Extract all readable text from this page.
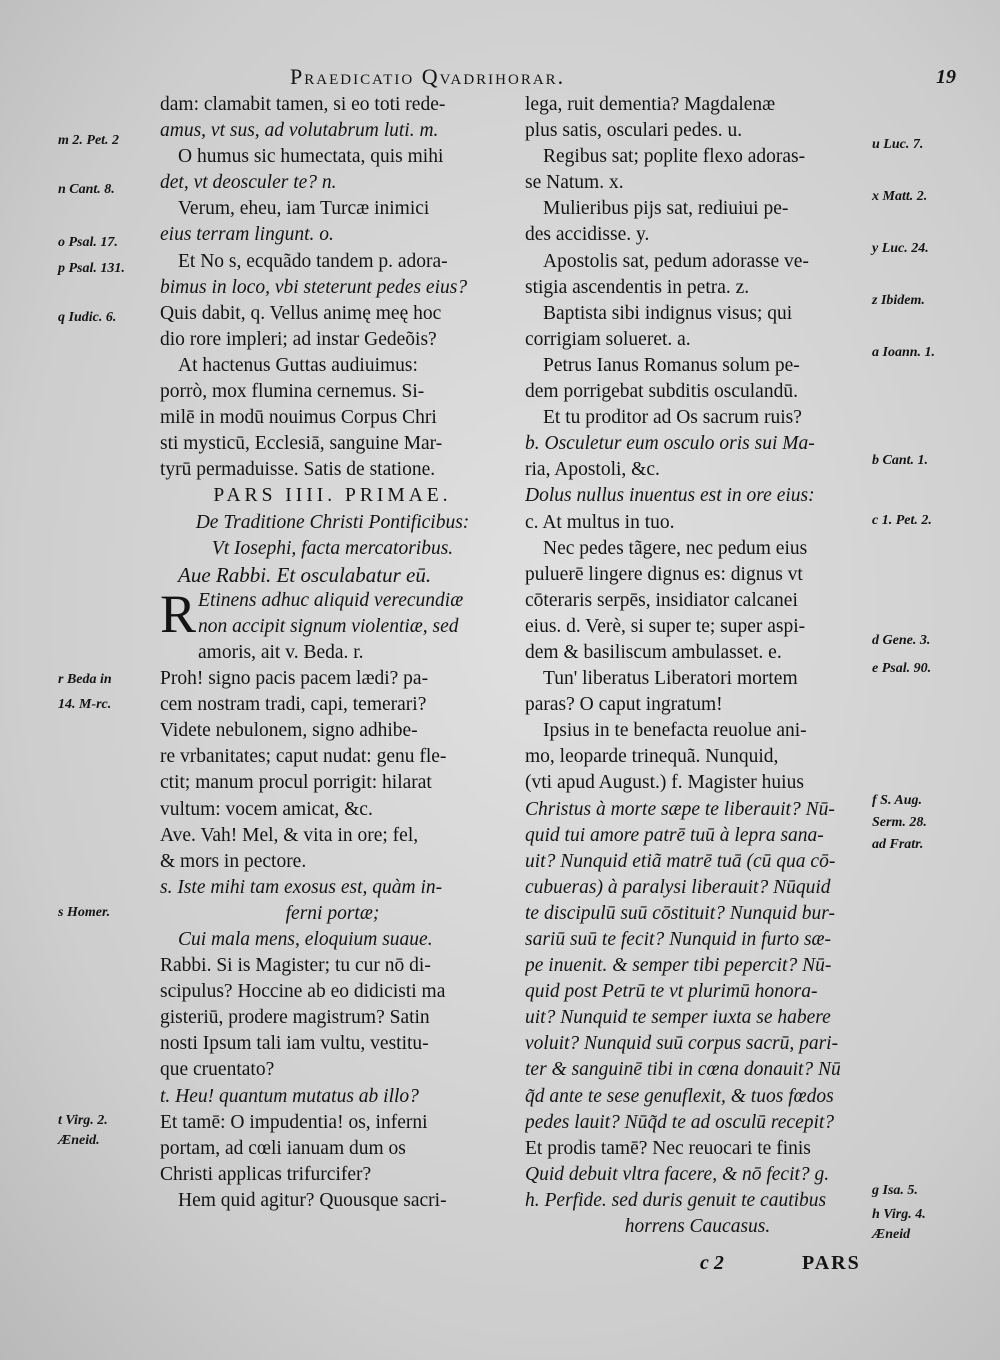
Praedicatio Qvadrihorar.	19
m 2. Pet. 2
n Cant. 8.
o Psal. 17.
p Psal. 131.
q Iudic. 6.
r Beda in
14. M-rc.
s Homer.
t Virg. 2.
Æneid.
dam: clamabit tamen, si eo toti rede-
amus, vt sus, ad volutabrum luti. m.
O humus sic humectata, quis mihi
det, vt deosculer te? n.
Verum, eheu, iam Turcæ inimici
eius terram lingunt. o.
Et No s, ecquãdo tandem p. adora-
bimus in loco, vbi steterunt pedes eius?
Quis dabit, q. Vellus animę meę hoc
dio rore impleri; ad instar Gedeõis?
At hactenus Guttas audiuimus:
porrò, mox flumina cernemus. Si-
milē in modū nouimus Corpus Chri
sti mysticū, Ecclesiā, sanguine Mar-
tyrū permaduisse. Satis de statione.
PARS IIII. PRIMAE.
De Traditione Christi Pontificibus:
Vt Iosephi, facta mercatoribus.
Aue Rabbi. Et osculabatur eū.
R Etinens adhuc aliquid verecundiæ
non accipit signum violentiæ, sed
amoris, ait v. Beda. r.
Proh! signo pacis pacem lædi? pa-
cem nostram tradi, capi, temerari?
Videte nebulonem, signo adhibe-
re vrbanitates; caput nudat: genu fle-
ctit; manum procul porrigit: hilarat
vultum: vocem amicat, &c.
Ave. Vah! Mel, & vita in ore; fel,
& mors in pectore.
s. Iste mihi tam exosus est, quàm in-
ferni portæ;
Cui mala mens, eloquium suaue.
Rabbi. Si is Magister; tu cur nō di-
scipulus? Hoccine ab eo didicisti ma
gisteriū, prodere magistrum? Satin
nosti Ipsum tali iam vultu, vestitu-
que cruentato?
t. Heu! quantum mutatus ab illo?
Et tamē: O impudentia! os, inferni
portam, ad cœli ianuam dum os
Christi applicas trifurcifer?
Hem quid agitur? Quousque sacri-
lega, ruit dementia? Magdalenæ
plus satis, osculari pedes. u.
Regibus sat; poplite flexo adoras-
se Natum. x.
Mulieribus pijs sat, rediuiui pe-
des accidisse. y.
Apostolis sat, pedum adorasse ve-
stigia ascendentis in petra. z.
Baptista sibi indignus visus; qui
corrigiam solueret. a.
Petrus Ianus Romanus solum pe-
dem porrigebat subditis osculandū.
Et tu proditor ad Os sacrum ruis?
b. Osculetur eum osculo oris sui Ma-
ria, Apostoli, &c.
Dolus nullus inuentus est in ore eius:
c. At multus in tuo.
Nec pedes tãgere, nec pedum eius
puluerē lingere dignus es: dignus vt
cōteraris serpēs, insidiator calcanei
eius. d. Verè, si super te; super aspi-
dem & basiliscum ambulasset. e.
Tun' liberatus Liberatori mortem
paras? O caput ingratum!
Ipsius in te benefacta reuolue ani-
mo, leoparde trinequã. Nunquid,
(vti apud August.) f. Magister huius
Christus à morte sæpe te liberauit? Nū-
quid tui amore patrē tuū à lepra sana-
uit? Nunquid etiã matrē tuā (cū qua cō-
cubueras) à paralysi liberauit? Nūquid
te discipulū suū cōstituit? Nunquid bur-
sariū suū te fecit? Nunquid in furto sæ-
pe inuenit. & semper tibi pepercit? Nū-
quid post Petrū te vt plurimū honora-
uit? Nunquid te semper iuxta se habere
voluit? Nunquid suū corpus sacrū, pari-
ter & sanguinē tibi in cœna donauit? Nū
q̃d ante te sese genuflexit, & tuos fœdos
pedes lauit? Nūq̃d te ad osculū recepit?
Et prodis tamē? Nec reuocari te finis
Quid debuit vltra facere, & nō fecit? g.
h. Perfide. sed duris genuit te cautibus
horrens Caucasus.
u Luc. 7.
x Matt. 2.
y Luc. 24.
z Ibidem.
a Ioann. 1.
b Cant. 1.
c 1. Pet. 2.
d Gene. 3.
e Psal. 90.
f S. Aug.
Serm. 28.
ad Fratr.
g Isa. 5.
h Virg. 4.
Æneid
c 2	PARS
